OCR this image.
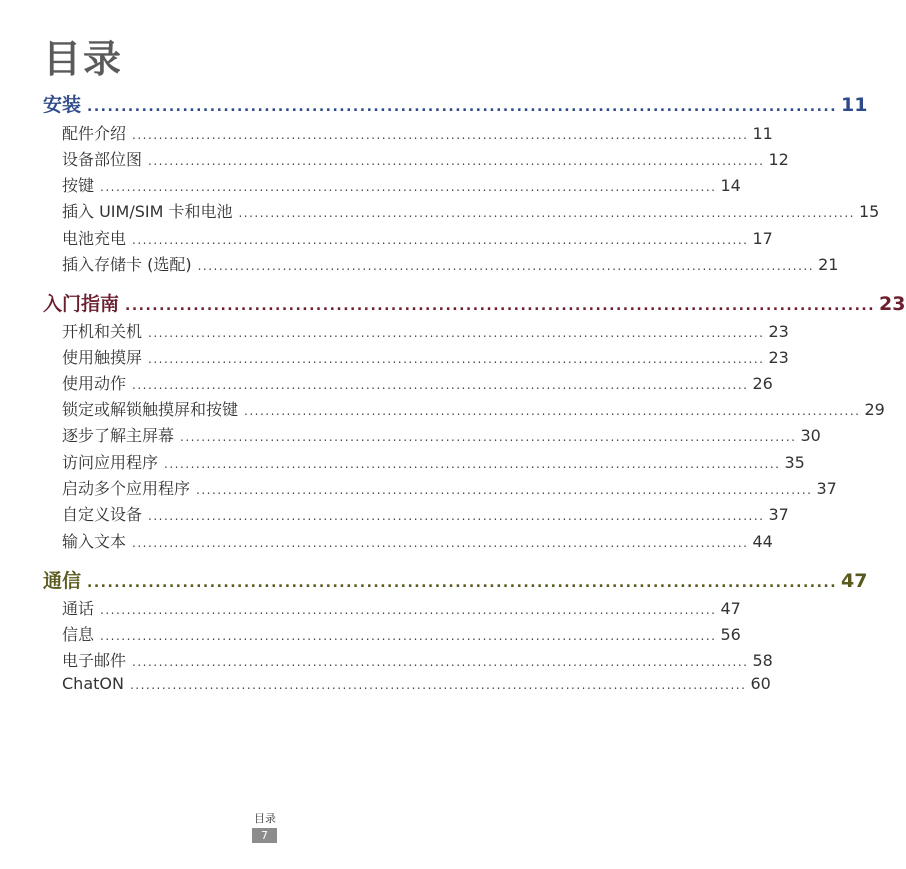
目录
安装 .............................................................................................................. 11
配件介绍 .................................................................................................................... 11
设备部位图 .................................................................................................................... 12
按键 .................................................................................................................... 14
插入 UIM/SIM 卡和电池 .................................................................................................................... 15
电池充电 .................................................................................................................... 17
插入存储卡 (选配) .................................................................................................................... 21
入门指南 .............................................................................................................. 23
开机和关机 .................................................................................................................... 23
使用触摸屏 .................................................................................................................... 23
使用动作 .................................................................................................................... 26
锁定或解锁触摸屏和按键 .................................................................................................................... 29
逐步了解主屏幕 .................................................................................................................... 30
访问应用程序 .................................................................................................................... 35
启动多个应用程序 .................................................................................................................... 37
自定义设备 .................................................................................................................... 37
输入文本 .................................................................................................................... 44
通信 .............................................................................................................. 47
通话 .................................................................................................................... 47
信息 .................................................................................................................... 56
电子邮件 .................................................................................................................... 58
ChatON .................................................................................................................... 60
目录
7
